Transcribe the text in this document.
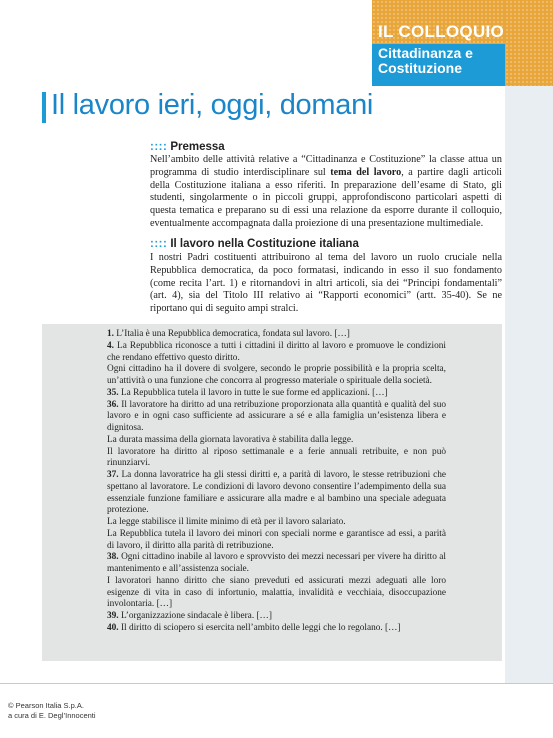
IL COLLOQUIO
Cittadinanza e
Costituzione
Il lavoro ieri, oggi, domani
:::: Premessa
Nell’ambito delle attività relative a “Cittadinanza e Costituzione” la classe attua un programma di studio interdisciplinare sul tema del lavoro, a partire dagli articoli della Costituzione italiana a esso riferiti. In preparazione dell’esame di Stato, gli studenti, singolarmente o in piccoli gruppi, approfondiscono particolari aspetti di questa tematica e preparano su di essi una relazione da esporre durante il colloquio, eventualmente accompagnata dalla proiezione di una presentazione multimediale.
:::: Il lavoro nella Costituzione italiana
I nostri Padri costituenti attribuirono al tema del lavoro un ruolo cruciale nella Repubblica democratica, da poco formatasi, indicando in esso il suo fondamento (come recita l’art. 1) e ritornandovi in altri articoli, sia dei “Principi fondamentali” (art. 4), sia del Titolo III relativo ai “Rapporti economici” (artt. 35-40). Se ne riportano qui di seguito ampi stralci.

1. L’Italia è una Repubblica democratica, fondata sul lavoro. […]

4. La Repubblica riconosce a tutti i cittadini il diritto al lavoro e promuove le condizioni che rendano effettivo questo diritto.

Ogni cittadino ha il dovere di svolgere, secondo le proprie possibilità e la propria scelta, un’attività o una funzione che concorra al progresso materiale o spirituale della società.

35. La Repubblica tutela il lavoro in tutte le sue forme ed applicazioni. […]

36. Il lavoratore ha diritto ad una retribuzione proporzionata alla quantità e qualità del suo lavoro e in ogni caso sufficiente ad assicurare a sé e alla famiglia un’esistenza libera e dignitosa.

La durata massima della giornata lavorativa è stabilita dalla legge.

Il lavoratore ha diritto al riposo settimanale e a ferie annuali retribuite, e non può rinunziarvi.

37. La donna lavoratrice ha gli stessi diritti e, a parità di lavoro, le stesse retribuzioni che spettano al lavoratore. Le condizioni di lavoro devono consentire l’adempimento della sua essenziale funzione familiare e assicurare alla madre e al bambino una speciale adeguata protezione.

La legge stabilisce il limite minimo di età per il lavoro salariato.

La Repubblica tutela il lavoro dei minori con speciali norme e garantisce ad essi, a parità di lavoro, il diritto alla parità di retribuzione.

38. Ogni cittadino inabile al lavoro e sprovvisto dei mezzi necessari per vivere ha diritto al mantenimento e all’assistenza sociale.

I lavoratori hanno diritto che siano preveduti ed assicurati mezzi adeguati alle loro esigenze di vita in caso di infortunio, malattia, invalidità e vecchiaia, disoccupazione involontaria. […]

39. L’organizzazione sindacale è libera. […]

40. Il diritto di sciopero si esercita nell’ambito delle leggi che lo regolano. […]

© Pearson Italia S.p.A.
a cura di E. Degl’Innocenti
